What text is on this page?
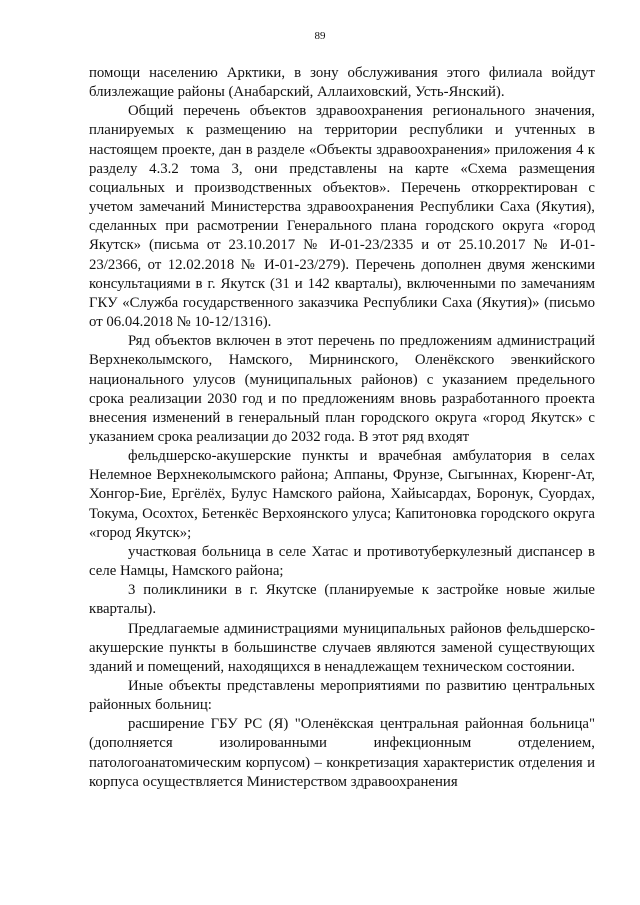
89

помощи населению Арктики, в зону обслуживания этого филиала войдут близлежащие районы (Анабарский, Аллаиховский, Усть-Янский).

Общий перечень объектов здравоохранения регионального значения, планируемых к размещению на территории республики и учтенных в настоящем проекте, дан в разделе «Объекты здравоохранения» приложения 4 к разделу 4.3.2 тома 3, они представлены на карте «Схема размещения социальных и производственных объектов». Перечень откорректирован с учетом замечаний Министерства здравоохранения Республики Саха (Якутия), сделанных при расмотрении Генерального плана городского округа «город Якутск» (письма от 23.10.2017 № И-01-23/2335 и от 25.10.2017 № И-01-23/2366, от 12.02.2018 № И-01-23/279). Перечень дополнен двумя женскими консультациями в г. Якутск (31 и 142 кварталы), включенными по замечаниям ГКУ «Служба государственного заказчика Республики Саха (Якутия)» (письмо от 06.04.2018 № 10-12/1316).

Ряд объектов включен в этот перечень по предложениям администраций Верхнеколымского, Намского, Мирнинского, Оленёкского эвенкийского национального улусов (муниципальных районов) с указанием предельного срока реализации 2030 год и по предложениям вновь разработанного проекта внесения изменений в генеральный план городского округа «город Якутск» с указанием срока реализации до 2032 года. В этот ряд входят

фельдшерско-акушерские пункты и врачебная амбулатория в селах Нелемное Верхнеколымского района; Аппаны, Фрунзе, Сыгыннах, Кюренг-Ат, Хонгор-Бие, Ергёлёх, Булус Намского района, Хайысардах, Боронук, Суордах, Токума, Осохтох, Бетенкёс Верхоянского улуса; Капитоновка городского округа «город Якутск»;

участковая больница в селе Хатас и противотуберкулезный диспансер в селе Намцы, Намского района;

3 поликлиники в г. Якутске (планируемые к застройке новые жилые кварталы).

Предлагаемые администрациями муниципальных районов фельдшерско-акушерские пункты в большинстве случаев являются заменой существующих зданий и помещений, находящихся в ненадлежащем техническом состоянии.

Иные объекты представлены мероприятиями по развитию центральных районных больниц:

расширение ГБУ РС (Я) "Оленёкская центральная районная больница" (дополняется изолированными инфекционным отделением, патологоанатомическим корпусом) – конкретизация характеристик отделения и корпуса осуществляется Министерством здравоохранения
